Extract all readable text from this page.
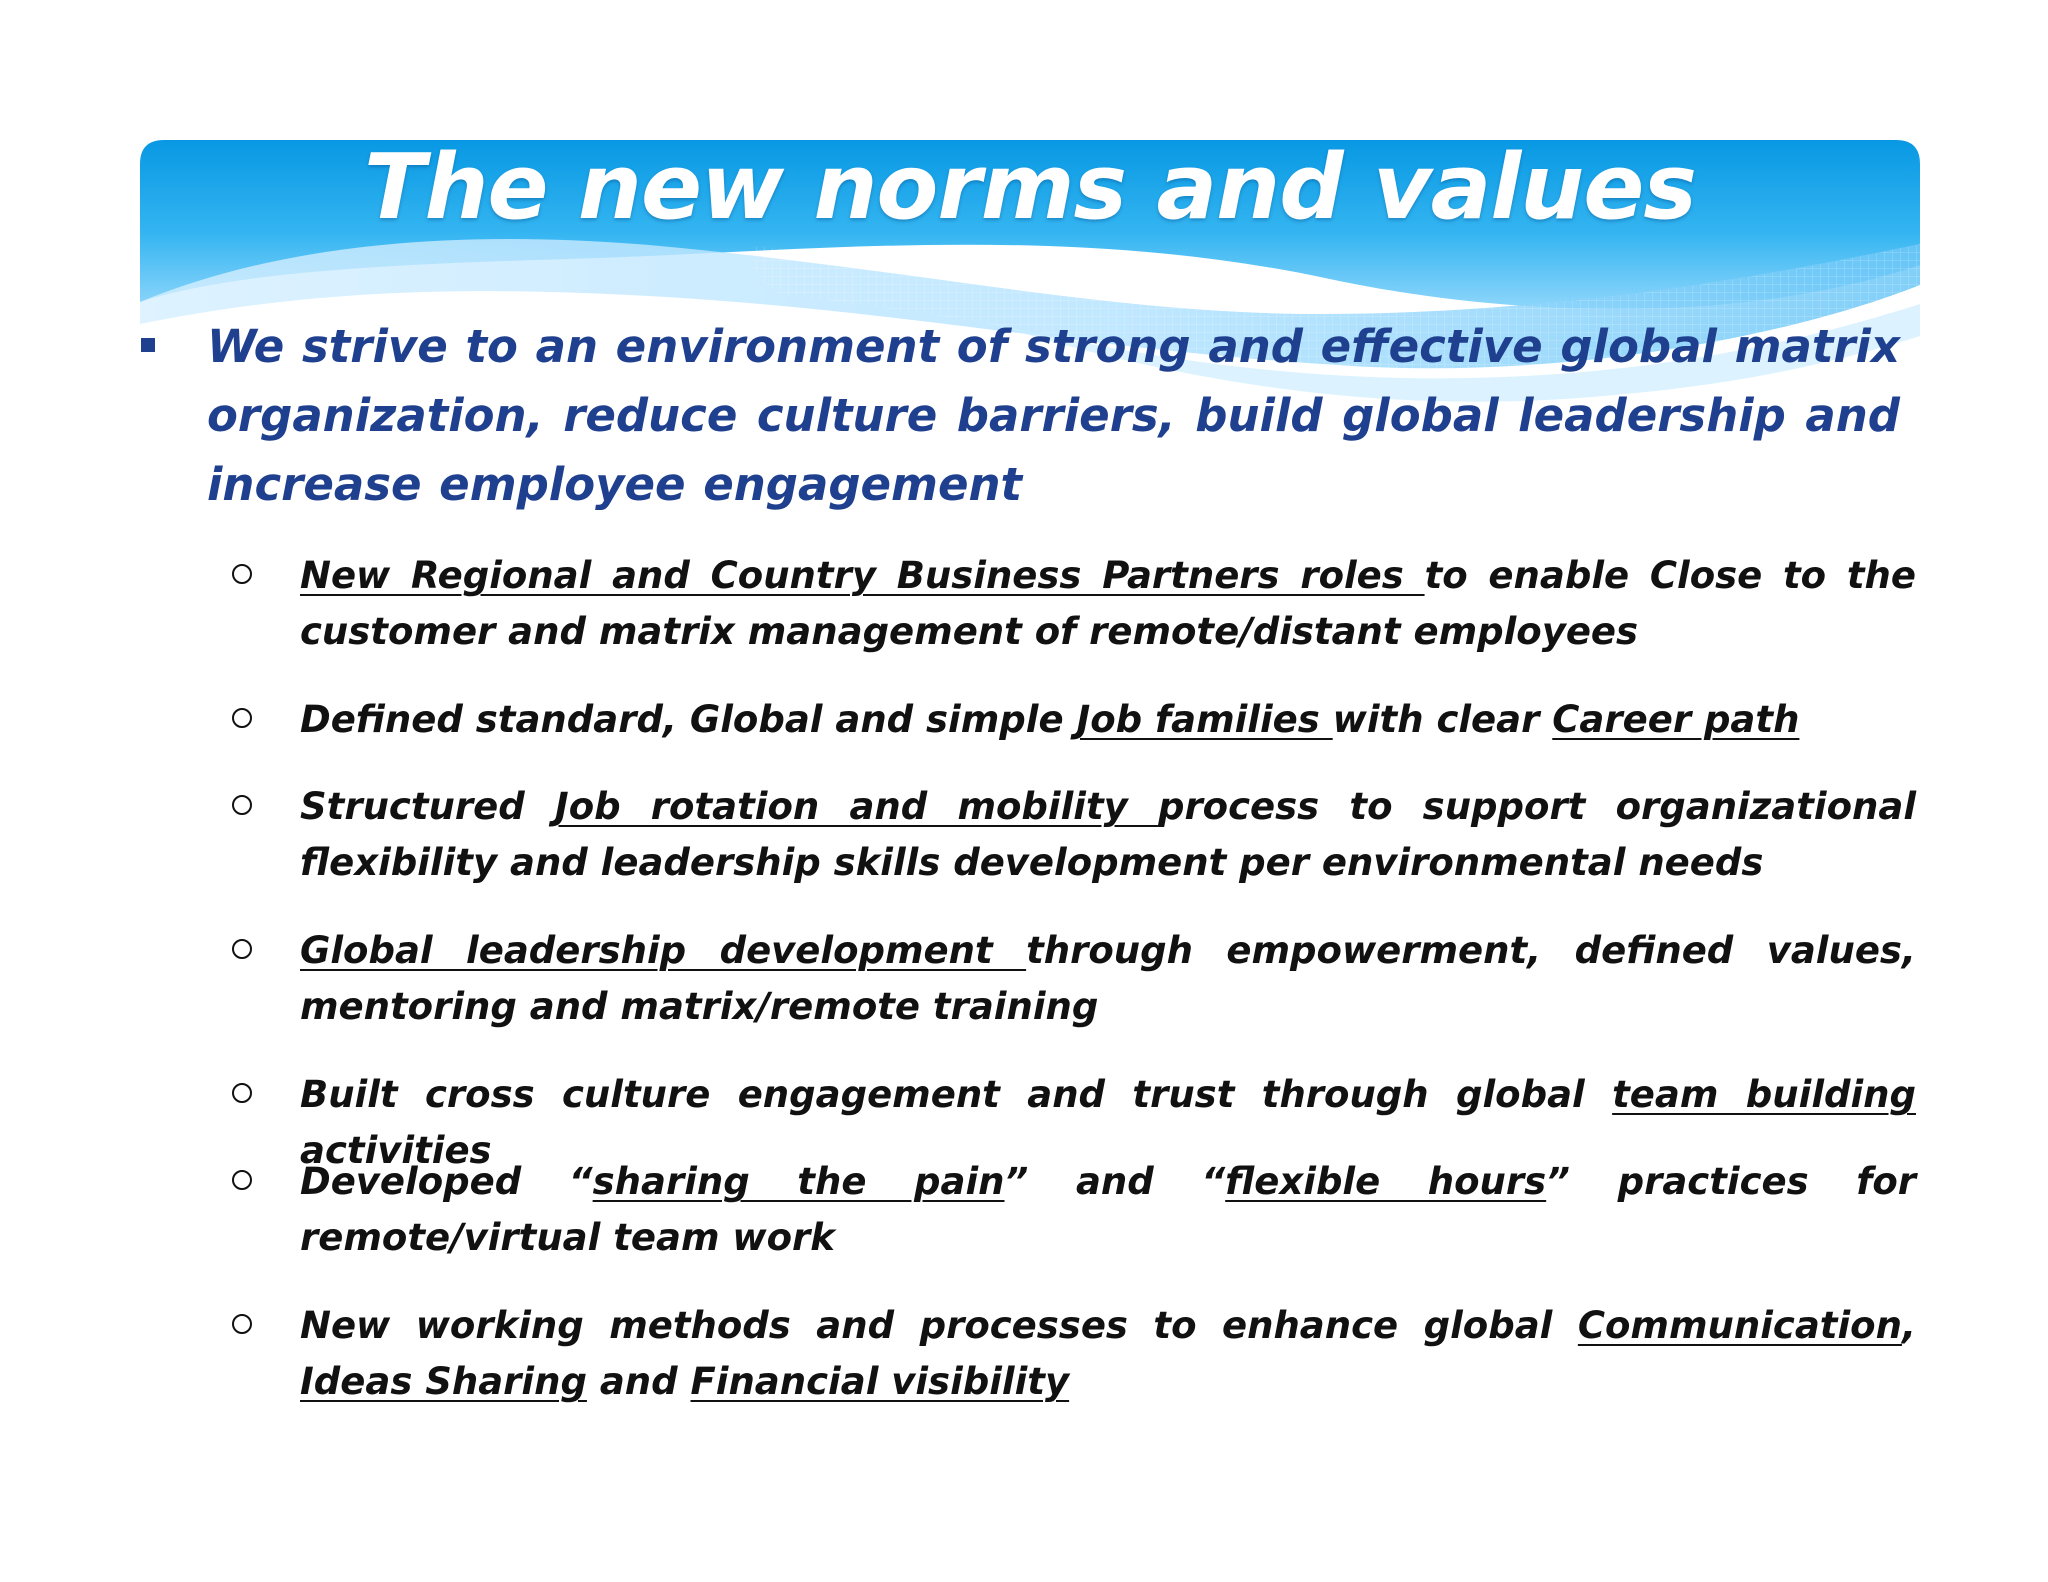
The new norms and values

We strive to an environment of strong and effective global matrix organization, reduce culture barriers, build global leadership and increase employee engagement

New Regional and Country Business Partners roles to enable Close to the customer and matrix management of remote/distant employees
Defined standard, Global and simple Job families with clear Career path
Structured Job rotation and mobility process to support organizational flexibility and leadership skills development per environmental needs
Global leadership development through empowerment, defined values, mentoring and matrix/remote training
Built cross culture engagement and trust through global team building activities
Developed “sharing the pain” and “flexible hours” practices for remote/virtual team work
New working methods and processes to enhance global Communication, Ideas Sharing and Financial visibility
